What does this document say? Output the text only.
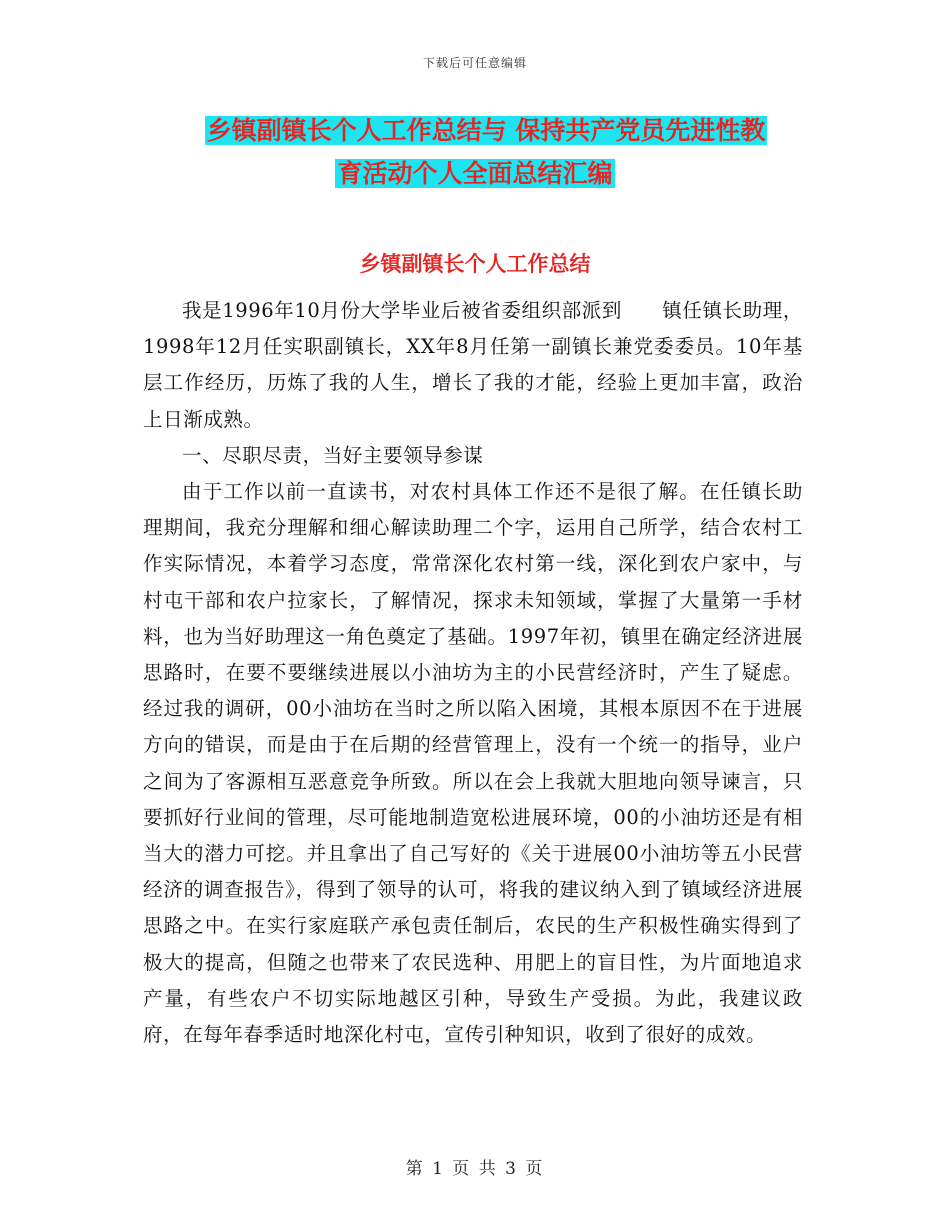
下载后可任意编辑
乡镇副镇长个人工作总结与 保持共产党员先进性教
育活动个人全面总结汇编
乡镇副镇长个人工作总结

我是1996年10月份大学毕业后被省委组织部派到　　镇任镇长助理，1998年12月任实职副镇长，XX年8月任第一副镇长兼党委委员。10年基层工作经历，历炼了我的人生，增长了我的才能，经验上更加丰富，政治上日渐成熟。

一、尽职尽责，当好主要领导参谋

由于工作以前一直读书，对农村具体工作还不是很了解。在任镇长助理期间，我充分理解和细心解读助理二个字，运用自己所学，结合农村工作实际情况，本着学习态度，常常深化农村第一线，深化到农户家中，与村屯干部和农户拉家长，了解情况，探求未知领域，掌握了大量第一手材料，也为当好助理这一角色奠定了基础。1997年初，镇里在确定经济进展思路时，在要不要继续进展以小油坊为主的小民营经济时，产生了疑虑。经过我的调研，00小油坊在当时之所以陷入困境，其根本原因不在于进展方向的错误，而是由于在后期的经营管理上，没有一个统一的指导，业户之间为了客源相互恶意竞争所致。所以在会上我就大胆地向领导谏言，只要抓好行业间的管理，尽可能地制造宽松进展环境，00的小油坊还是有相当大的潜力可挖。并且拿出了自己写好的《关于进展00小油坊等五小民营经济的调查报告》，得到了领导的认可，将我的建议纳入到了镇域经济进展思路之中。在实行家庭联产承包责任制后，农民的生产积极性确实得到了极大的提高，但随之也带来了农民选种、用肥上的盲目性，为片面地追求产量，有些农户不切实际地越区引种，导致生产受损。为此，我建议政府，在每年春季适时地深化村屯，宣传引种知识，收到了很好的成效。

第 1 页 共 3 页
